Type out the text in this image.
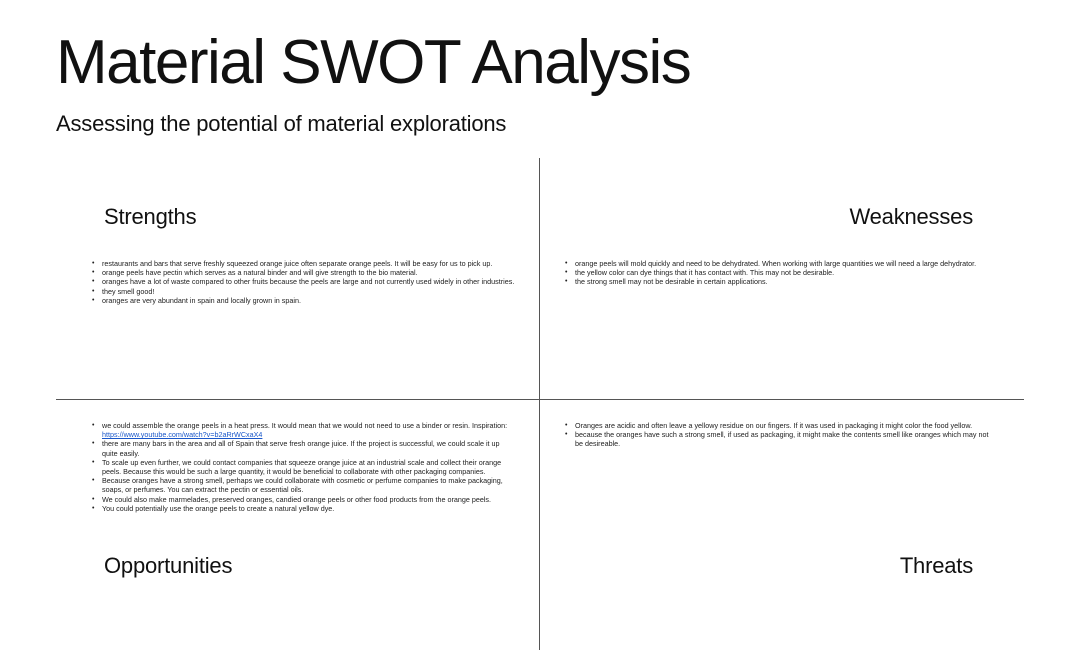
Material SWOT Analysis

Assessing the potential of material explorations

Strengths
• restaurants and bars that serve freshly squeezed orange juice often separate orange peels. It will be easy for us to pick up.
• orange peels have pectin which serves as a natural binder and will give strength to the bio material.
• oranges have a lot of waste compared to other fruits because the peels are large and not currently used widely in other industries.
• they smell good!
• oranges are very abundant in spain and locally grown in spain.
Weaknesses
• orange peels will mold quickly and need to be dehydrated. When working with large quantities we will need a large dehydrator.
• the yellow color can dye things that it has contact with. This may not be desirable.
• the strong smell may not be desirable in certain applications.
• we could assemble the orange peels in a heat press. It would mean that we would not need to use a binder or resin. Inspiration: https://www.youtube.com/watch?v=b2aRrWCxaX4
• there are many bars in the area and all of Spain that serve fresh orange juice. If the project is successful, we could scale it up quite easily.
• To scale up even further, we could contact companies that squeeze orange juice at an industrial scale and collect their orange peels. Because this would be such a large quantity, it would be beneficial to collaborate with other packaging companies.
• Because oranges have a strong smell, perhaps we could collaborate with cosmetic or perfume companies to make packaging, soaps, or perfumes. You can extract the pectin or essential oils.
• We could also make marmelades, preserved oranges, candied orange peels or other food products from the orange peels.
• You could potentially use the orange peels to create a natural yellow dye.
Opportunities
• Oranges are acidic and often leave a yellowy residue on our fingers. If it was used in packaging it might color the food yellow.
• because the oranges have such a strong smell, if used as packaging, it might make the contents smell like oranges which may not be desireable.
Threats
